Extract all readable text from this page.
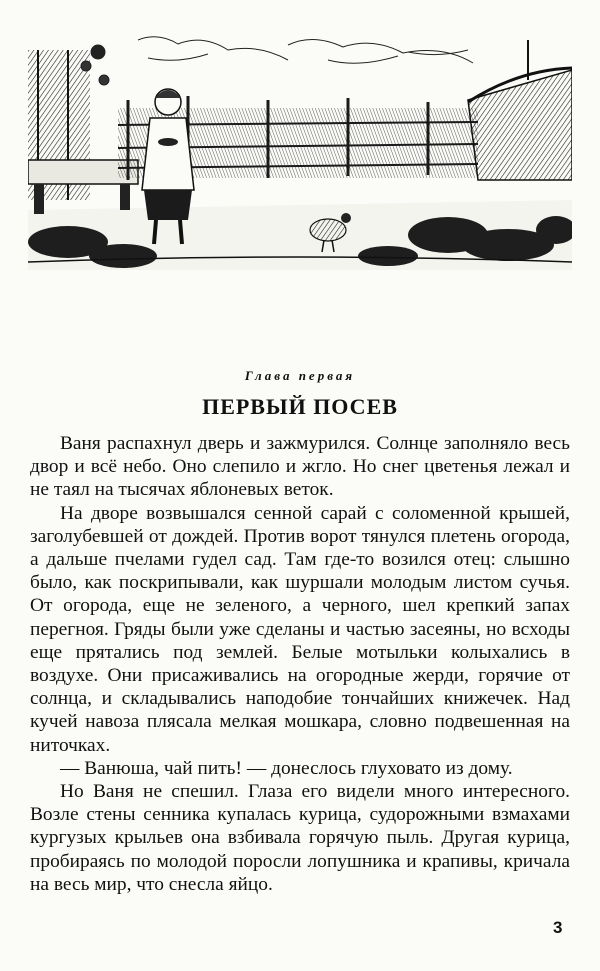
Глава первая
ПЕРВЫЙ ПОСЕВ

Ваня распахнул дверь и зажмурился. Солнце заполняло весь двор и всё небо. Оно слепило и жгло. Но снег цветенья лежал и не таял на тысячах яблоневых веток.

На дворе возвышался сенной сарай с соломенной крышей, заголубевшей от дождей. Против ворот тянулся плетень огорода, а дальше пчелами гудел сад. Там где-то возился отец: слышно было, как поскрипывали, как шуршали молодым листом сучья. От огорода, еще не зеленого, а черного, шел крепкий запах перегноя. Гряды были уже сделаны и частью засеяны, но всходы еще прятались под землей. Белые мотыльки колыхались в воздухе. Они присаживались на огородные жерди, горячие от солнца, и складывались наподобие тончайших книжечек. Над кучей навоза плясала мелкая мошкара, словно подвешенная на ниточках.

— Ванюша, чай пить! — донеслось глуховато из дому.

Но Ваня не спешил. Глаза его видели много интересного. Возле стены сенника купалась курица, судорожными взмахами кургузых крыльев она взбивала горячую пыль. Другая курица, пробираясь по молодой поросли лопушника и крапивы, кричала на весь мир, что снесла яйцо.

3
